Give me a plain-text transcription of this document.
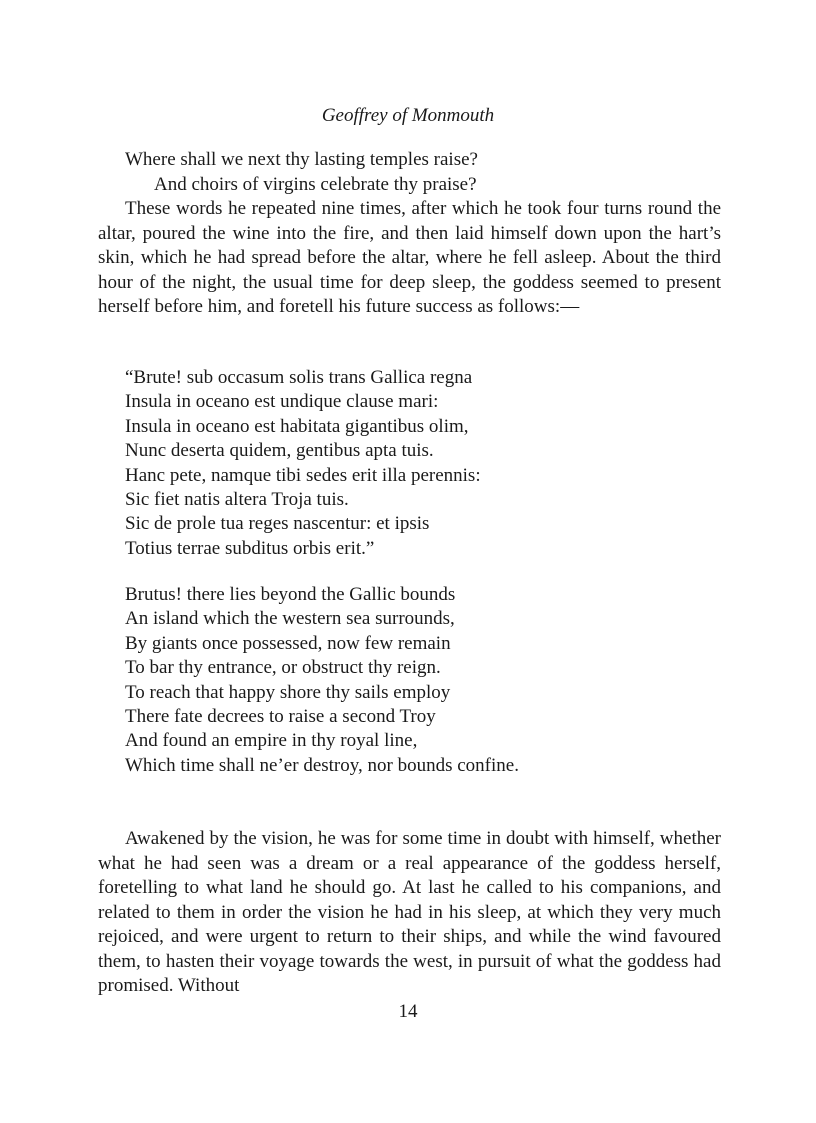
Geoffrey of Monmouth
Where shall we next thy lasting temples raise?
And choirs of virgins celebrate thy praise?

These words he repeated nine times, after which he took four turns round the altar, poured the wine into the fire, and then laid himself down upon the hart’s skin, which he had spread before the altar, where he fell asleep. About the third hour of the night, the usual time for deep sleep, the goddess seemed to present herself before him, and foretell his future success as follows:—

“Brute! sub occasum solis trans Gallica regna
Insula in oceano est undique clause mari:
Insula in oceano est habitata gigantibus olim,
Nunc deserta quidem, gentibus apta tuis.
Hanc pete, namque tibi sedes erit illa perennis:
Sic fiet natis altera Troja tuis.
Sic de prole tua reges nascentur: et ipsis
Totius terrae subditus orbis erit.”
Brutus! there lies beyond the Gallic bounds
An island which the western sea surrounds,
By giants once possessed, now few remain
To bar thy entrance, or obstruct thy reign.
To reach that happy shore thy sails employ
There fate decrees to raise a second Troy
And found an empire in thy royal line,
Which time shall ne’er destroy, nor bounds confine.

Awakened by the vision, he was for some time in doubt with himself, whether what he had seen was a dream or a real appearance of the goddess herself, foretelling to what land he should go. At last he called to his companions, and related to them in order the vision he had in his sleep, at which they very much rejoiced, and were urgent to return to their ships, and while the wind favoured them, to hasten their voyage towards the west, in pursuit of what the goddess had promised. Without

14
